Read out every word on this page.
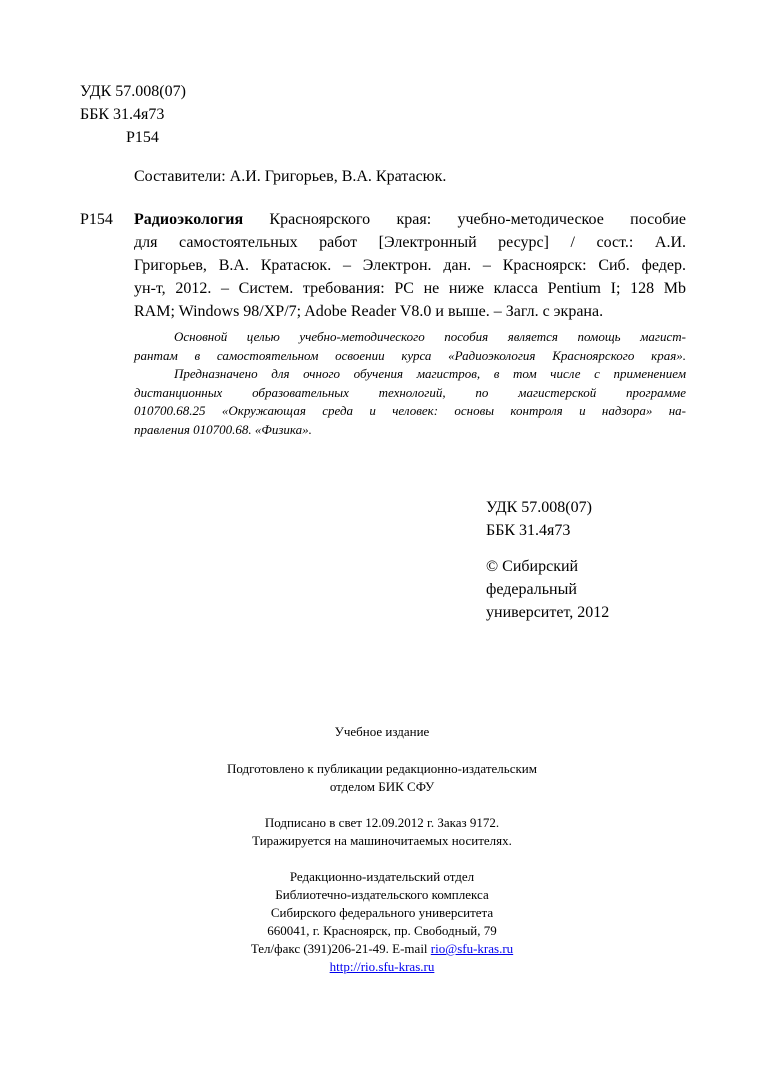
УДК 57.008(07)

ББК 31.4я73

Р154

Составители: А.И. Григорьев, В.А. Кратасюк.

Р154 Радиоэкология Красноярского края: учебно-методическое пособие
для самостоятельных работ [Электронный ресурс] / сост.: А.И.
Григорьев, В.А. Кратасюк. – Электрон. дан. – Красноярск: Сиб. федер.
ун-т, 2012. – Систем. требования: PC не ниже класса Pentium I; 128 Mb
RAM; Windows 98/XP/7; Adobe Reader V8.0 и выше. – Загл. с экрана.
Основной целью учебно-методического пособия является помощь магист-
рантам в самостоятельном освоении курса «Радиоэкология Красноярского края».
Предназначено для очного обучения магистров, в том числе с применением
дистанционных образовательных технологий, по магистерской программе
010700.68.25 «Окружающая среда и человек: основы контроля и надзора» на-
правления 010700.68. «Физика».

УДК 57.008(07)

ББК 31.4я73

© Сибирский

федеральный

университет, 2012

Учебное издание
Подготовлено к публикации редакционно-издательским
отделом БИК СФУ
Подписано в свет 12.09.2012 г. Заказ 9172.
Тиражируется на машиночитаемых носителях.
Редакционно-издательский отдел
Библиотечно-издательского комплекса
Сибирского федерального университета
660041, г. Красноярск, пр. Свободный, 79
Тел/факс (391)206-21-49. E-mail rio@sfu-kras.ru
http://rio.sfu-kras.ru
